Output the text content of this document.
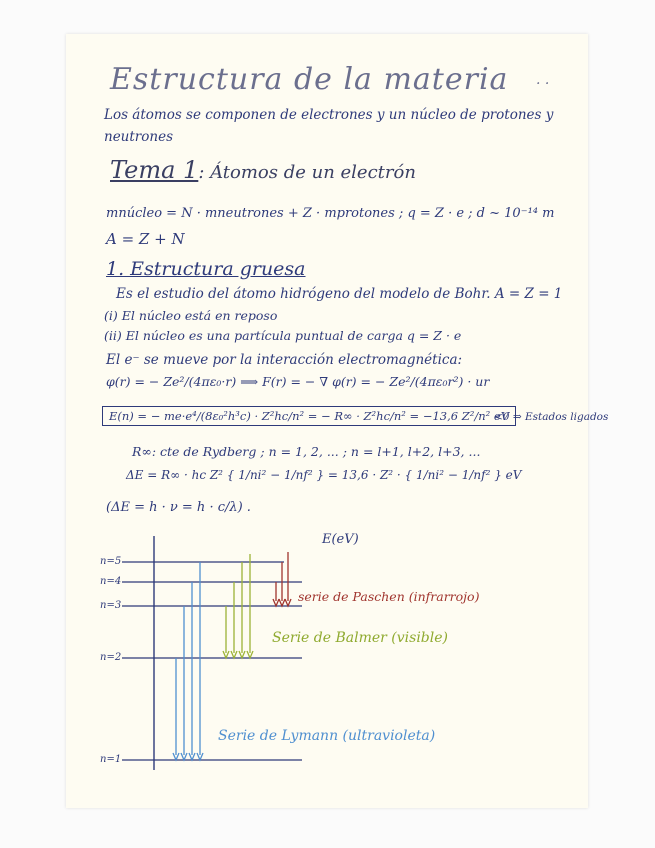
Estructura de la materia . .
Los átomos se componen de electrones y un núcleo de protones y neutrones
Tema 1: Átomos de un electrón
mnúcleo = N · mneutrones + Z · mprotones ; q = Z · e ; d ~ 10⁻¹⁴ m
A = Z + N
1. Estructura gruesa
Es el estudio del átomo hidrógeno del modelo de Bohr. A = Z = 1
(i) El núcleo está en reposo
(ii) El núcleo es una partícula puntual de carga q = Z · e
El e⁻ se mueve por la interacción electromagnética:
φ(r) = − Ze²/(4πε₀·r) ⟹ F(r) = − ∇ φ(r) = − Ze²/(4πε₀r²) · ur
E(n) = − me·e⁴/(8ε₀²h³c) · Z²hc/n² = − R∞ · Z²hc/n² = −13,6 Z²/n² eV
<0 ⇒ Estados ligados
R∞: cte de Rydberg ; n = 1, 2, ... ; n = l+1, l+2, l+3, ...
ΔE = R∞ · hc Z² { 1/ni² − 1/nf² } = 13,6 · Z² · { 1/ni² − 1/nf² } eV
(ΔE = h · ν = h · c/λ) .
E(eV)
n=5
n=4
n=3
n=2
n=1
serie de Paschen (infrarrojo)
Serie de Balmer (visible)
Serie de Lymann (ultravioleta)
